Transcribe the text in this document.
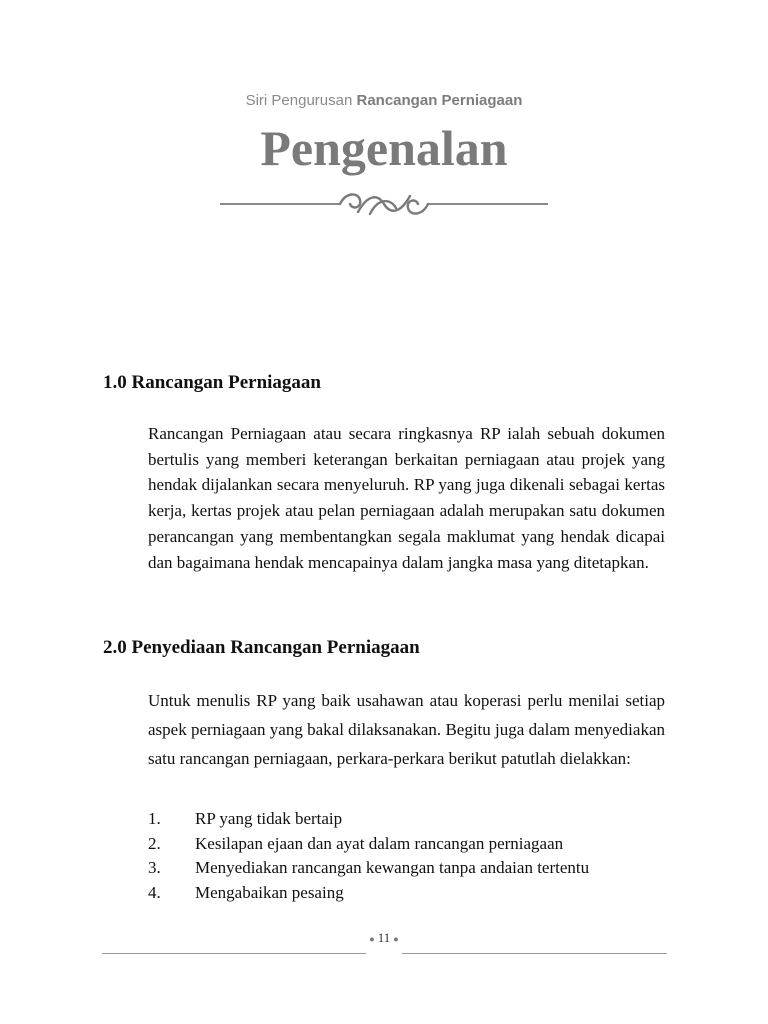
Siri Pengurusan Rancangan Perniagaan
Pengenalan
1.0 Rancangan Perniagaan

Rancangan Perniagaan atau secara ringkasnya RP ialah sebuah dokumen bertulis yang memberi keterangan berkaitan perniagaan atau projek yang hendak dijalankan secara menyeluruh. RP yang juga dikenali sebagai kertas kerja, kertas projek atau pelan perniagaan adalah merupakan satu dokumen perancangan yang membentangkan segala maklumat yang hendak dicapai dan bagaimana hendak mencapainya dalam jangka masa yang ditetapkan.

2.0 Penyediaan Rancangan Perniagaan

Untuk menulis RP yang baik usahawan atau koperasi perlu menilai setiap aspek perniagaan yang bakal dilaksanakan. Begitu juga dalam menyediakan satu rancangan perniagaan, perkara-perkara berikut patutlah dielakkan:

1.	RP yang tidak bertaip
2.	Kesilapan ejaan dan ayat dalam rancangan perniagaan
3.	Menyediakan rancangan kewangan tanpa andaian tertentu
4.	Mengabaikan pesaing
● 11 ●
